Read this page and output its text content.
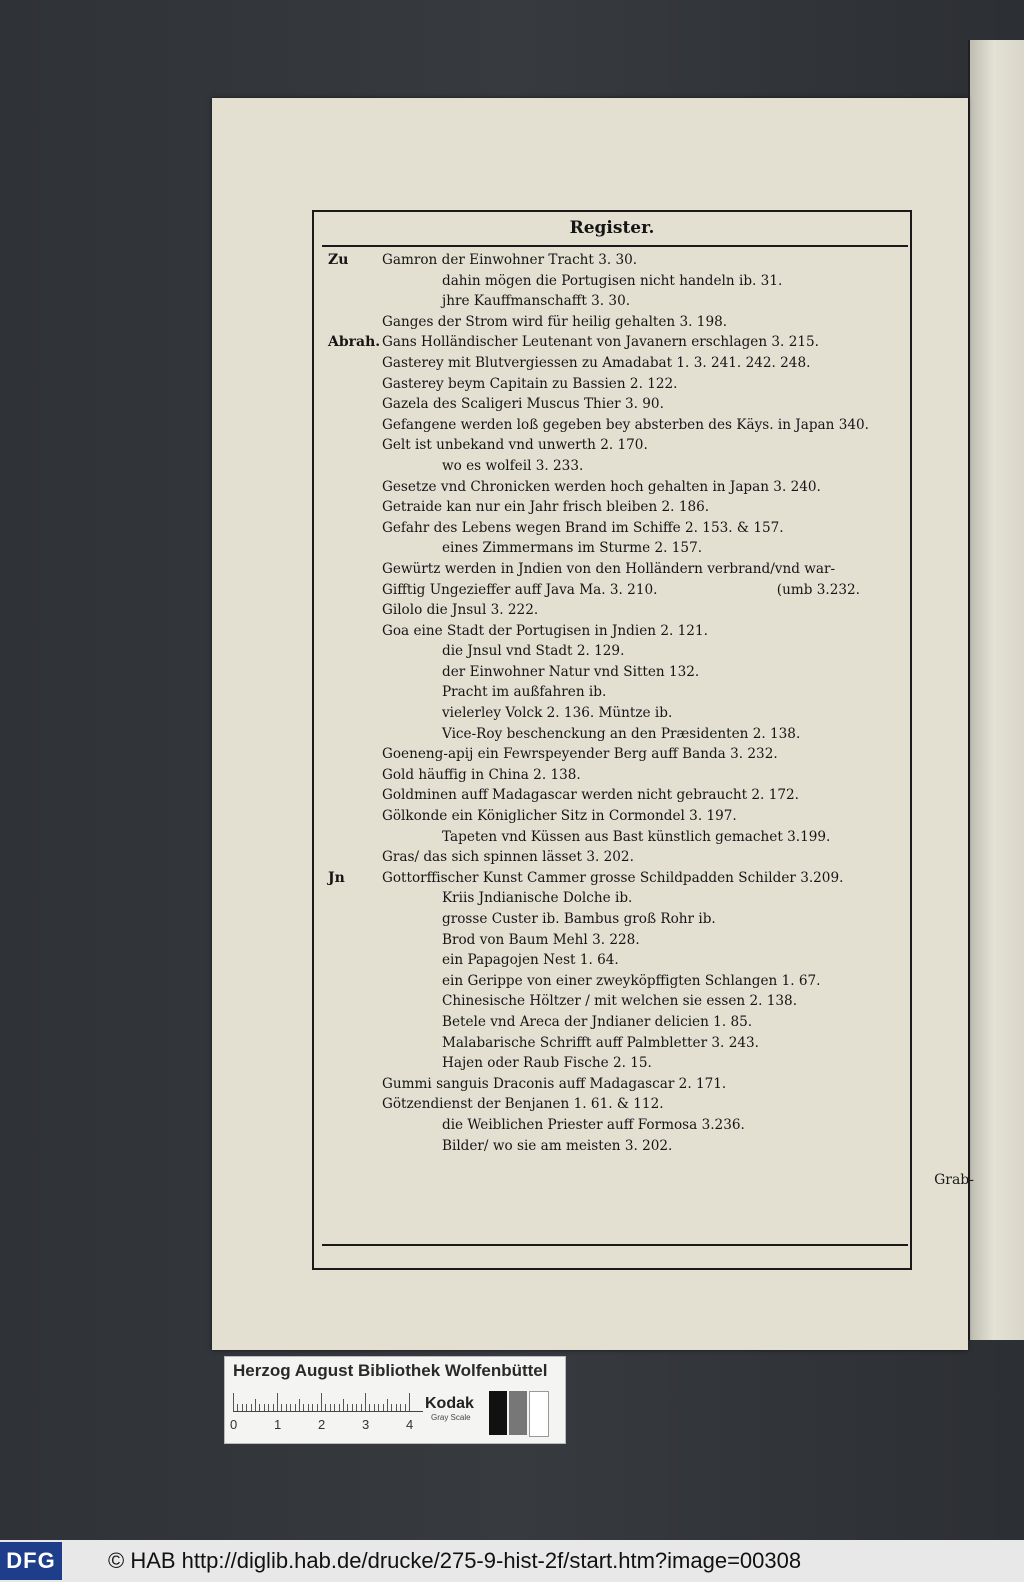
Register.
Zu Gamron der Einwohner Tracht 3. 30.
dahin mögen die Portugisen nicht handeln ib. 31.
jhre Kauffmanschafft 3. 30.
Ganges der Strom wird für heilig gehalten 3. 198.
Abrah. Gans Holländischer Leutenant von Javanern erschlagen 3. 215.
Gasterey mit Blutvergiessen zu Amadabat 1. 3. 241. 242. 248.
Gasterey beym Capitain zu Bassien 2. 122.
Gazela des Scaligeri Muscus Thier 3. 90.
Gefangene werden loß gegeben bey absterben des Käys. in Japan 340.
Gelt ist unbekand vnd unwerth 2. 170.
wo es wolfeil 3. 233.
Gesetze vnd Chronicken werden hoch gehalten in Japan 3. 240.
Getraide kan nur ein Jahr frisch bleiben 2. 186.
Gefahr des Lebens wegen Brand im Schiffe 2. 153. & 157.
eines Zimmermans im Sturme 2. 157.
Gewürtz werden in Jndien von den Holländern verbrand/vnd war-
Gifftig Ungezieffer auff Java Ma. 3. 210.	(umb 3.232.
Gilolo die Jnsul 3. 222.
Goa eine Stadt der Portugisen in Jndien 2. 121.
die Jnsul vnd Stadt 2. 129.
der Einwohner Natur vnd Sitten 132.
Pracht im außfahren ib.
vielerley Volck 2. 136. Müntze ib.
Vice-Roy beschenckung an den Præsidenten 2. 138.
Goeneng-apij ein Fewrspeyender Berg auff Banda 3. 232.
Gold häuffig in China 2. 138.
Goldminen auff Madagascar werden nicht gebraucht 2. 172.
Gölkonde ein Königlicher Sitz in Cormondel 3. 197.
Tapeten vnd Küssen aus Bast künstlich gemachet 3.199.
Gras/ das sich spinnen lässet 3. 202.
Jn	Gottorffischer Kunst Cammer grosse Schildpadden Schilder 3.209.
Kriis Jndianische Dolche ib.
grosse Custer ib. Bambus groß Rohr ib.
Brod von Baum Mehl 3. 228.
ein Papagojen Nest 1. 64.
ein Gerippe von einer zweyköpffigten Schlangen 1. 67.
Chinesische Höltzer / mit welchen sie essen 2. 138.
Betele vnd Areca der Jndianer delicien 1. 85.
Malabarische Schrifft auff Palmbletter 3. 243.
Hajen oder Raub Fische 2. 15.
Gummi sanguis Draconis auff Madagascar 2. 171.
Götzendienst der Benjanen 1. 61. & 112.
die Weiblichen Priester auff Formosa 3.236.
Bilder/ wo sie am meisten 3. 202.
Grab-
Herzog August Bibliothek Wolfenbüttel
0	1	2	3	4
Kodak
Gray Scale
DFG © HAB http://diglib.hab.de/drucke/275-9-hist-2f/start.htm?image=00308
